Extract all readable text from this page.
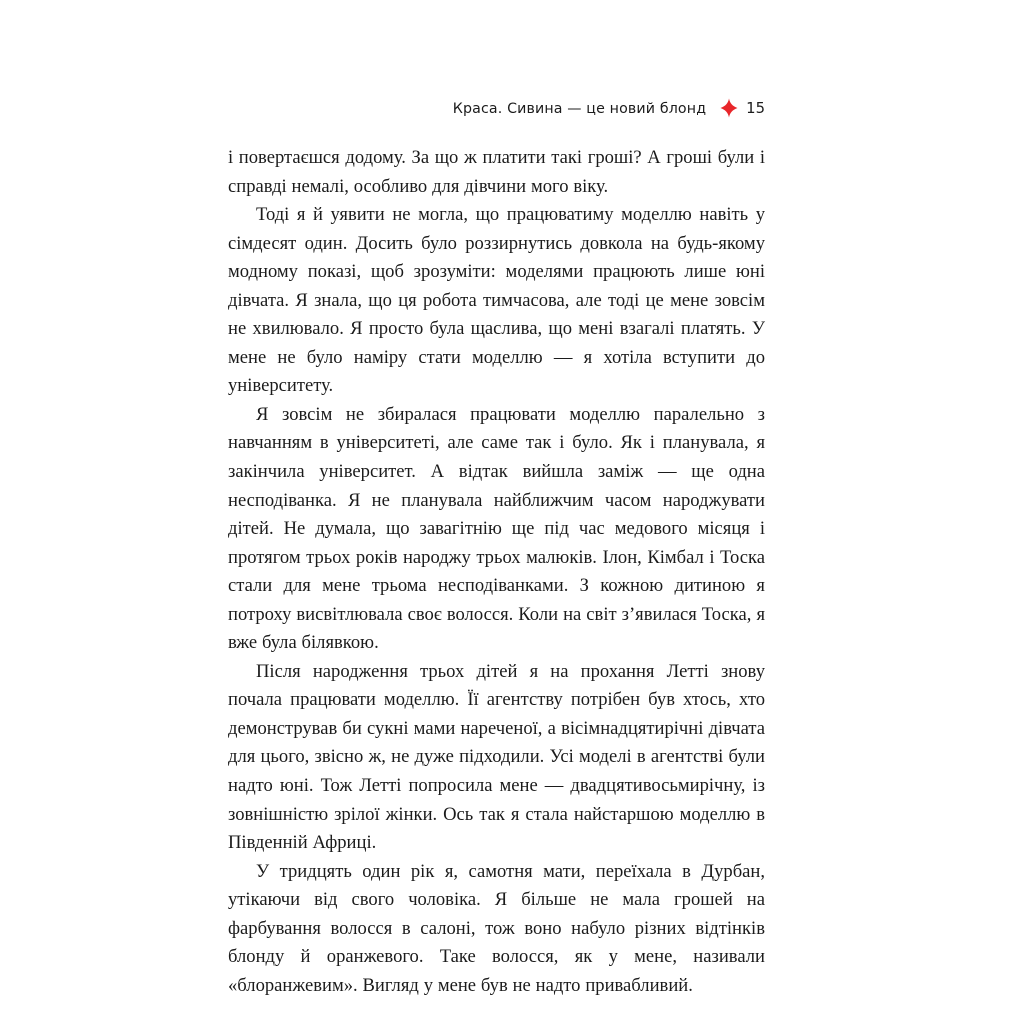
Краса. Сивина — це новий блонд	15

і повертаєшся додому. За що ж платити такі гроші? А гроші були і справді немалі, особливо для дівчини мого віку.

Тоді я й уявити не могла, що працюватиму моделлю навіть у сімдесят один. Досить було роззирнутись довкола на будь-якому модному показі, щоб зрозуміти: моделями працюють лише юні дівчата. Я знала, що ця робота тимчасова, але тоді це мене зовсім не хвилювало. Я просто була щаслива, що мені взагалі платять. У мене не було наміру стати моделлю — я хотіла вступити до університету.

Я зовсім не збиралася працювати моделлю паралельно з навчанням в університеті, але саме так і було. Як і планувала, я закінчила університет. А відтак вийшла заміж — ще одна несподіванка. Я не планувала найближчим часом народжувати дітей. Не думала, що завагітнію ще під час медового місяця і протягом трьох років народжу трьох малюків. Ілон, Кімбал і Тоска стали для мене трьома несподіванками. З кожною дитиною я потроху висвітлювала своє волосся. Коли на світ з’явилася Тоска, я вже була білявкою.

Після народження трьох дітей я на прохання Летті знову почала працювати моделлю. Її агентству потрібен був хтось, хто демонстрував би сукні мами нареченої, а вісімнадцятирічні дівчата для цього, звісно ж, не дуже підходили. Усі моделі в агентстві були надто юні. Тож Летті попросила мене — двадцятивосьмирічну, із зовнішністю зрілої жінки. Ось так я стала найстаршою моделлю в Південній Африці.

У тридцять один рік я, самотня мати, переїхала в Дурбан, утікаючи від свого чоловіка. Я більше не мала грошей на фарбування волосся в салоні, тож воно набуло різних відтінків блонду й оранжевого. Таке волосся, як у мене, називали «блоранжевим». Вигляд у мене був не надто привабливий.
